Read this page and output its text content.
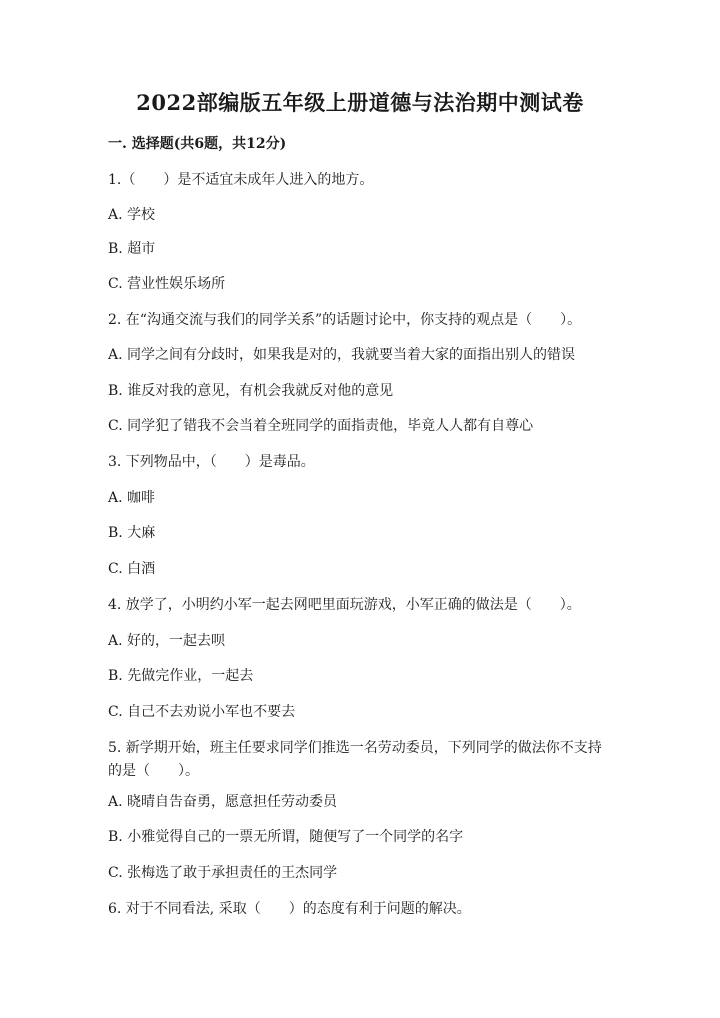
2022部编版五年级上册道德与法治期中测试卷
一. 选择题(共6题，共12分)
1.（　　）是不适宜未成年人进入的地方。
A. 学校
B. 超市
C. 营业性娱乐场所
2. 在“沟通交流与我们的同学关系”的话题讨论中，你支持的观点是（　　）。
A. 同学之间有分歧时，如果我是对的，我就要当着大家的面指出别人的错误
B. 谁反对我的意见，有机会我就反对他的意见
C. 同学犯了错我不会当着全班同学的面指责他，毕竟人人都有自尊心
3. 下列物品中，（　　）是毒品。
A. 咖啡
B. 大麻
C. 白酒
4. 放学了，小明约小军一起去网吧里面玩游戏，小军正确的做法是（　　）。
A. 好的，一起去呗
B. 先做完作业，一起去
C. 自己不去劝说小军也不要去
5. 新学期开始，班主任要求同学们推选一名劳动委员，下列同学的做法你不支持的是（　　）。
A. 晓晴自告奋勇，愿意担任劳动委员
B. 小雅觉得自己的一票无所谓，随便写了一个同学的名字
C. 张梅选了敢于承担责任的王杰同学
6. 对于不同看法, 采取（　　）的态度有利于问题的解决。
